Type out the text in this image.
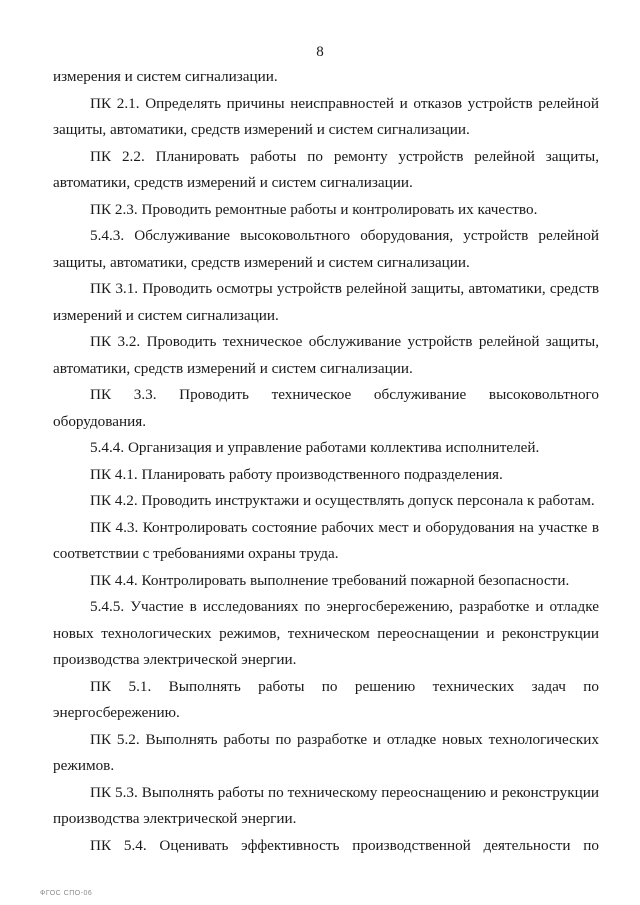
8

измерения и систем сигнализации.

ПК 2.1. Определять причины неисправностей и отказов устройств релейной защиты, автоматики, средств измерений и систем сигнализации.

ПК 2.2. Планировать работы по ремонту устройств релейной защиты, автоматики, средств измерений и систем сигнализации.

ПК 2.3. Проводить ремонтные работы и контролировать их качество.

5.4.3. Обслуживание высоковольтного оборудования, устройств релейной защиты, автоматики, средств измерений и систем сигнализации.

ПК 3.1. Проводить осмотры устройств релейной защиты, автоматики, средств измерений и систем сигнализации.

ПК 3.2. Проводить техническое обслуживание устройств релейной защиты, автоматики, средств измерений и систем сигнализации.

ПК 3.3. Проводить техническое обслуживание высоковольтного оборудования.

5.4.4. Организация и управление работами коллектива исполнителей.

ПК 4.1. Планировать работу производственного подразделения.

ПК 4.2. Проводить инструктажи и осуществлять допуск персонала к работам.

ПК 4.3. Контролировать состояние рабочих мест и оборудования на участке в соответствии с требованиями охраны труда.

ПК 4.4. Контролировать выполнение требований пожарной безопасности.

5.4.5. Участие в исследованиях по энергосбережению, разработке и отладке новых технологических режимов, техническом переоснащении и реконструкции производства электрической энергии.

ПК 5.1. Выполнять работы по решению технических задач по энергосбережению.

ПК 5.2. Выполнять работы по разработке и отладке новых технологических режимов.

ПК 5.3. Выполнять работы по техническому переоснащению и реконструкции производства электрической энергии.

ПК 5.4. Оценивать эффективность производственной деятельности по

ФГОС СПО-06
